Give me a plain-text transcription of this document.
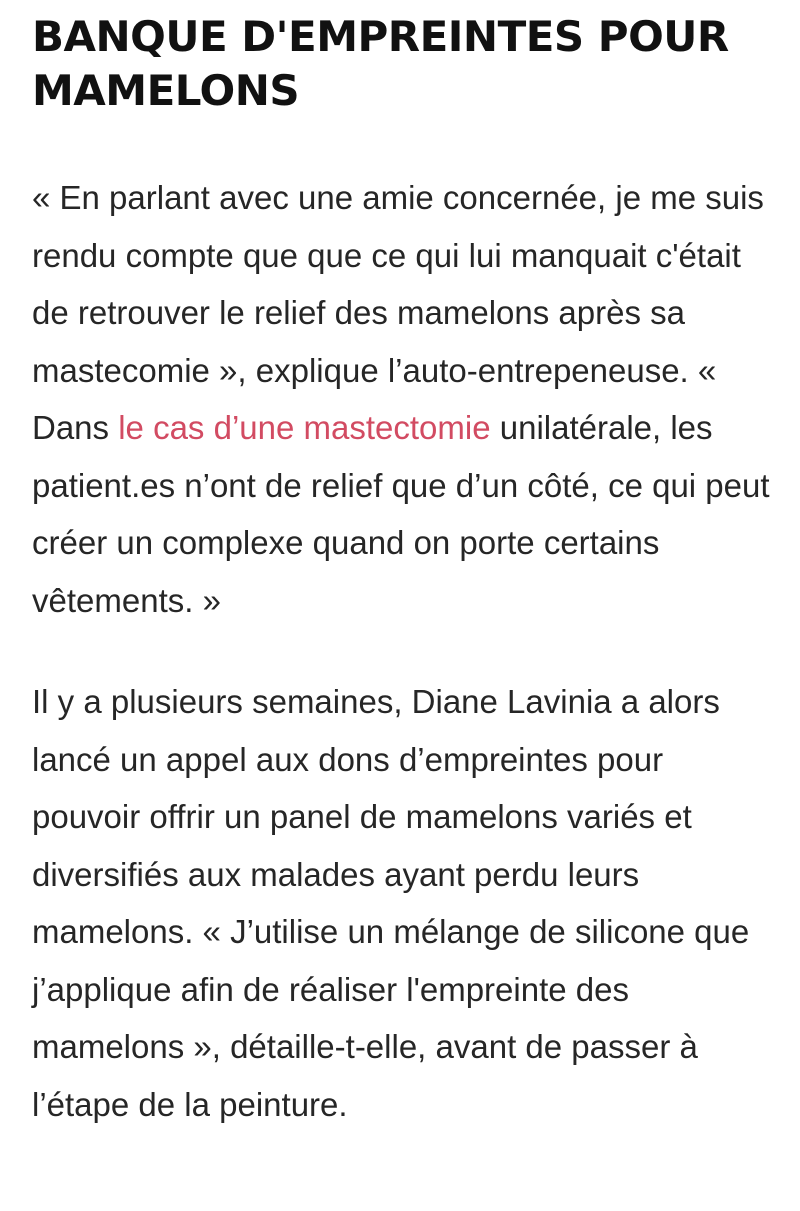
BANQUE D'EMPREINTES POUR MAMELONS

« En parlant avec une amie concernée, je me suis rendu compte que que ce qui lui manquait c'était de retrouver le relief des mamelons après sa mastecomie », explique l’auto-entrepeneuse. « Dans le cas d’une mastectomie unilatérale, les patient.es n’ont de relief que d’un côté, ce qui peut créer un complexe quand on porte certains vêtements. »

Il y a plusieurs semaines, Diane Lavinia a alors lancé un appel aux dons d’empreintes pour pouvoir offrir un panel de mamelons variés et diversifiés aux malades ayant perdu leurs mamelons. « J’utilise un mélange de silicone que j’applique afin de réaliser l'empreinte des mamelons », détaille-t-elle, avant de passer à l’étape de la peinture.
